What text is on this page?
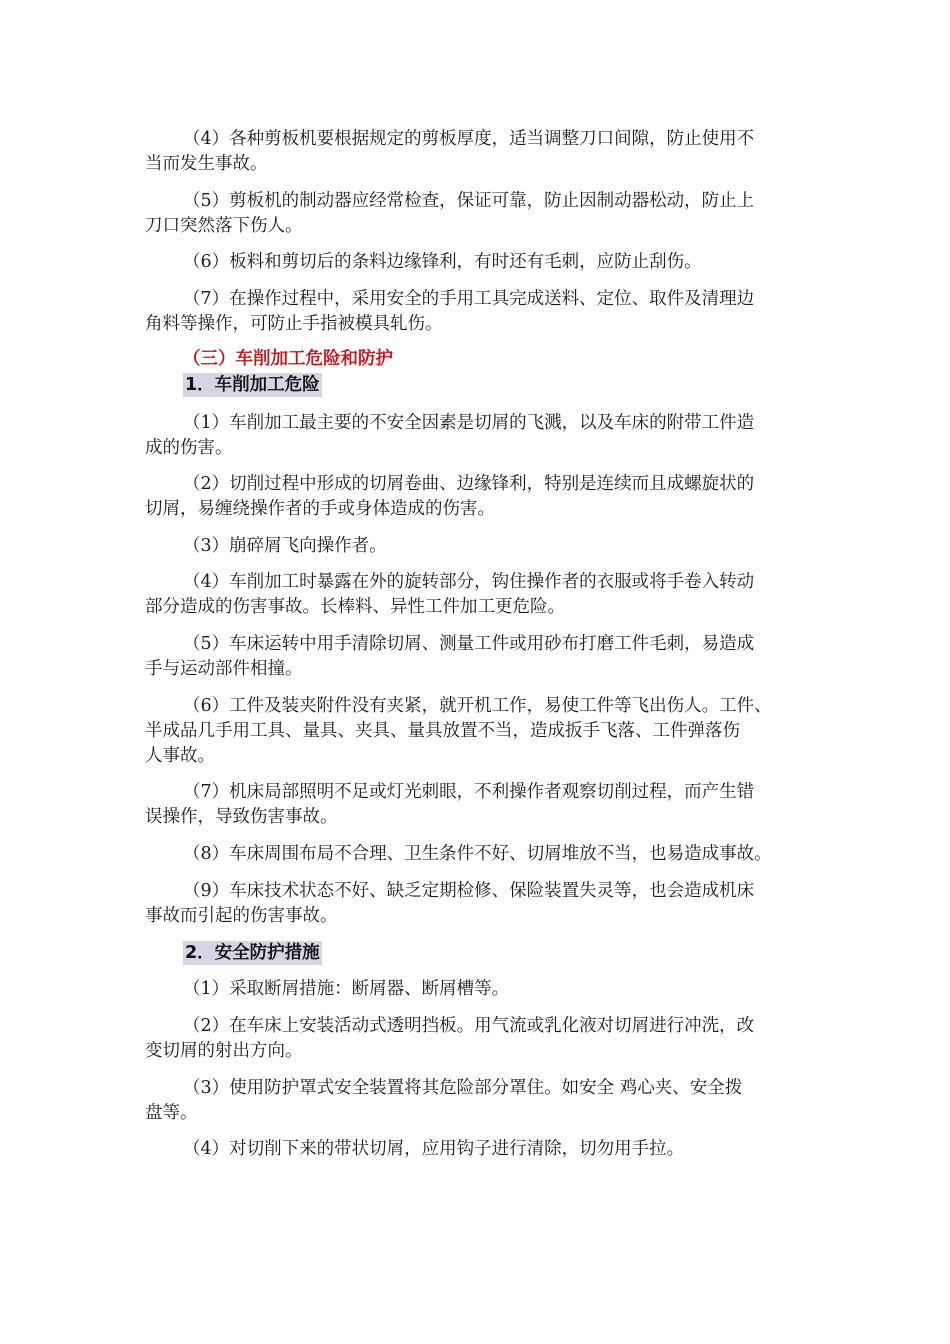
（4）各种剪板机要根据规定的剪板厚度，适当调整刀口间隙，防止使用不
当而发生事故。
（5）剪板机的制动器应经常检查，保证可靠，防止因制动器松动，防止上
刀口突然落下伤人。
（6）板料和剪切后的条料边缘锋利，有时还有毛刺，应防止刮伤。
（7）在操作过程中，采用安全的手用工具完成送料、定位、取件及清理边
角料等操作，可防止手指被模具轧伤。
（三）车削加工危险和防护
1．车削加工危险
（1）车削加工最主要的不安全因素是切屑的飞溅，以及车床的附带工件造
成的伤害。
（2）切削过程中形成的切屑卷曲、边缘锋利，特别是连续而且成螺旋状的
切屑，易缠绕操作者的手或身体造成的伤害。
（3）崩碎屑飞向操作者。
（4）车削加工时暴露在外的旋转部分，钩住操作者的衣服或将手卷入转动
部分造成的伤害事故。长棒料、异性工件加工更危险。
（5）车床运转中用手清除切屑、测量工件或用砂布打磨工件毛刺，易造成
手与运动部件相撞。
（6）工件及装夹附件没有夹紧，就开机工作，易使工件等飞出伤人。工件、
半成品几手用工具、量具、夹具、量具放置不当，造成扳手飞落、工件弹落伤
人事故。
（7）机床局部照明不足或灯光刺眼，不利操作者观察切削过程，而产生错
误操作，导致伤害事故。
（8）车床周围布局不合理、卫生条件不好、切屑堆放不当，也易造成事故。
（9）车床技术状态不好、缺乏定期检修、保险装置失灵等，也会造成机床
事故而引起的伤害事故。
2．安全防护措施
（1）采取断屑措施：断屑器、断屑槽等。
（2）在车床上安装活动式透明挡板。用气流或乳化液对切屑进行冲洗，改
变切屑的射出方向。
（3）使用防护罩式安全装置将其危险部分罩住。如安全 鸡心夹、安全拨
盘等。
（4）对切削下来的带状切屑，应用钩子进行清除，切勿用手拉。
